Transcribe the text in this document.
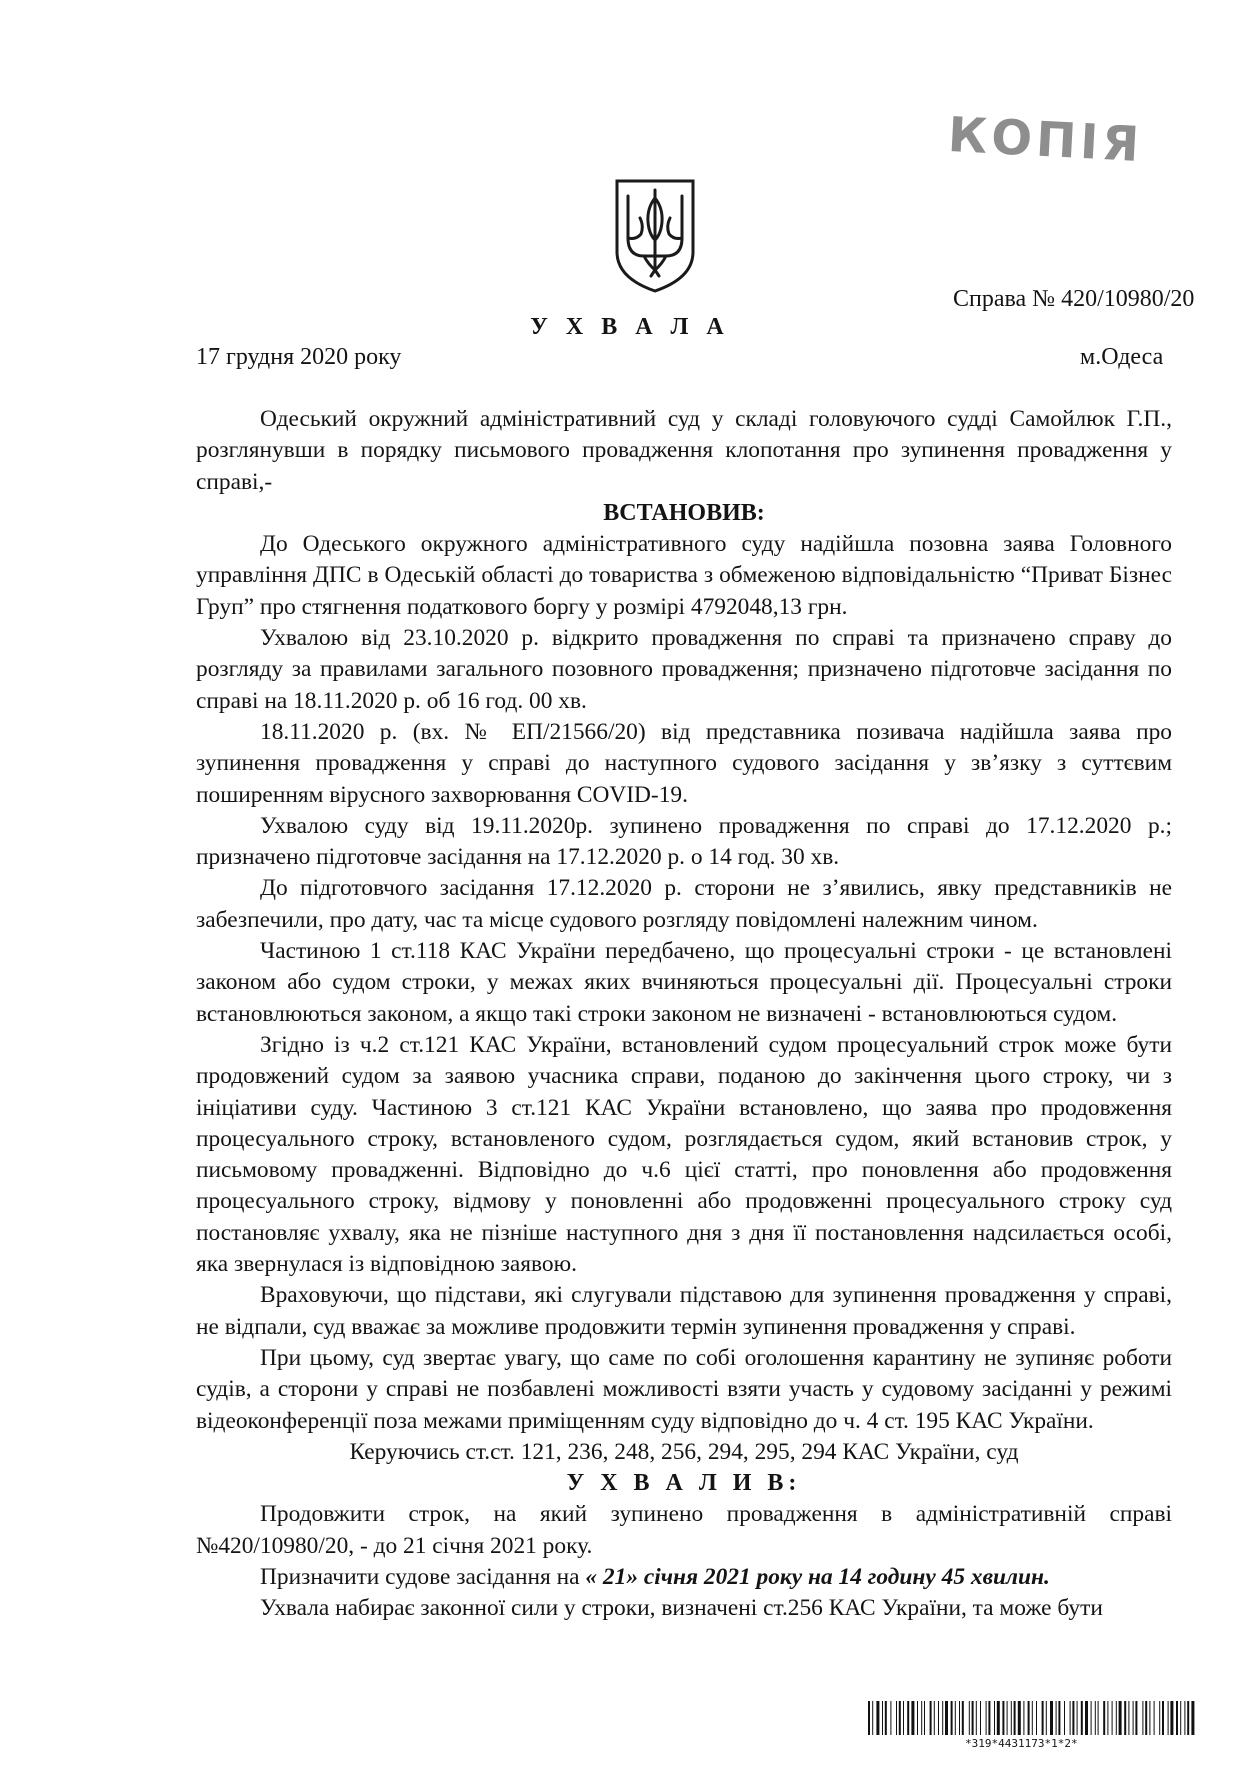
КОПІЯ
Справа № 420/10980/20
У Х В А Л А
17 грудня 2020 року	м.Одеса

Одеський окружний адміністративний суд у складі головуючого судді Самойлюк Г.П., розглянувши в порядку письмового провадження клопотання про зупинення провадження у справі,-

ВСТАНОВИВ:

До Одеського окружного адміністративного суду надійшла позовна заява Головного управління ДПС в Одеській області до товариства з обмеженою відповідальністю “Приват Бізнес Груп” про стягнення податкового боргу у розмірі 4792048,13 грн.

Ухвалою від 23.10.2020 р. відкрито провадження по справі та призначено справу до розгляду за правилами загального позовного провадження; призначено підготовче засідання по справі на 18.11.2020 р. об 16 год. 00 хв.

18.11.2020 р. (вх. № ЕП/21566/20) від представника позивача надійшла заява про зупинення провадження у справі до наступного судового засідання у зв’язку з суттєвим поширенням вірусного захворювання COVID-19.

Ухвалою суду від 19.11.2020р. зупинено провадження по справі до 17.12.2020 р.; призначено підготовче засідання на 17.12.2020 р. о 14 год. 30 хв.

До підготовчого засідання 17.12.2020 р. сторони не з’явились, явку представників не забезпечили, про дату, час та місце судового розгляду повідомлені належним чином.

Частиною 1 ст.118 КАС України передбачено, що процесуальні строки - це встановлені законом або судом строки, у межах яких вчиняються процесуальні дії. Процесуальні строки встановлюються законом, а якщо такі строки законом не визначені - встановлюються судом.

Згідно із ч.2 ст.121 КАС України, встановлений судом процесуальний строк може бути продовжений судом за заявою учасника справи, поданою до закінчення цього строку, чи з ініціативи суду. Частиною 3 ст.121 КАС України встановлено, що заява про продовження процесуального строку, встановленого судом, розглядається судом, який встановив строк, у письмовому провадженні. Відповідно до ч.6 цієї статті, про поновлення або продовження процесуального строку, відмову у поновленні або продовженні процесуального строку суд постановляє ухвалу, яка не пізніше наступного дня з дня її постановлення надсилається особі, яка звернулася із відповідною заявою.

Враховуючи, що підстави, які слугували підставою для зупинення провадження у справі, не відпали, суд вважає за можливе продовжити термін зупинення провадження у справі.

При цьому, суд звертає увагу, що саме по собі оголошення карантину не зупиняє роботи судів, а сторони у справі не позбавлені можливості взяти участь у судовому засіданні у режимі відеоконференції поза межами приміщенням суду відповідно до ч. 4 ст. 195 КАС України.

Керуючись ст.ст. 121, 236, 248, 256, 294, 295, 294 КАС України, суд

У Х В А Л И В:

Продовжити строк, на який зупинено провадження в адміністративній справі №420/10980/20, - до 21 січня 2021 року.

Призначити судове засідання на « 21» січня 2021 року на 14 годину 45 хвилин.

Ухвала набирає законної сили у строки, визначені ст.256 КАС України, та може бути

*319*4431173*1*2*
